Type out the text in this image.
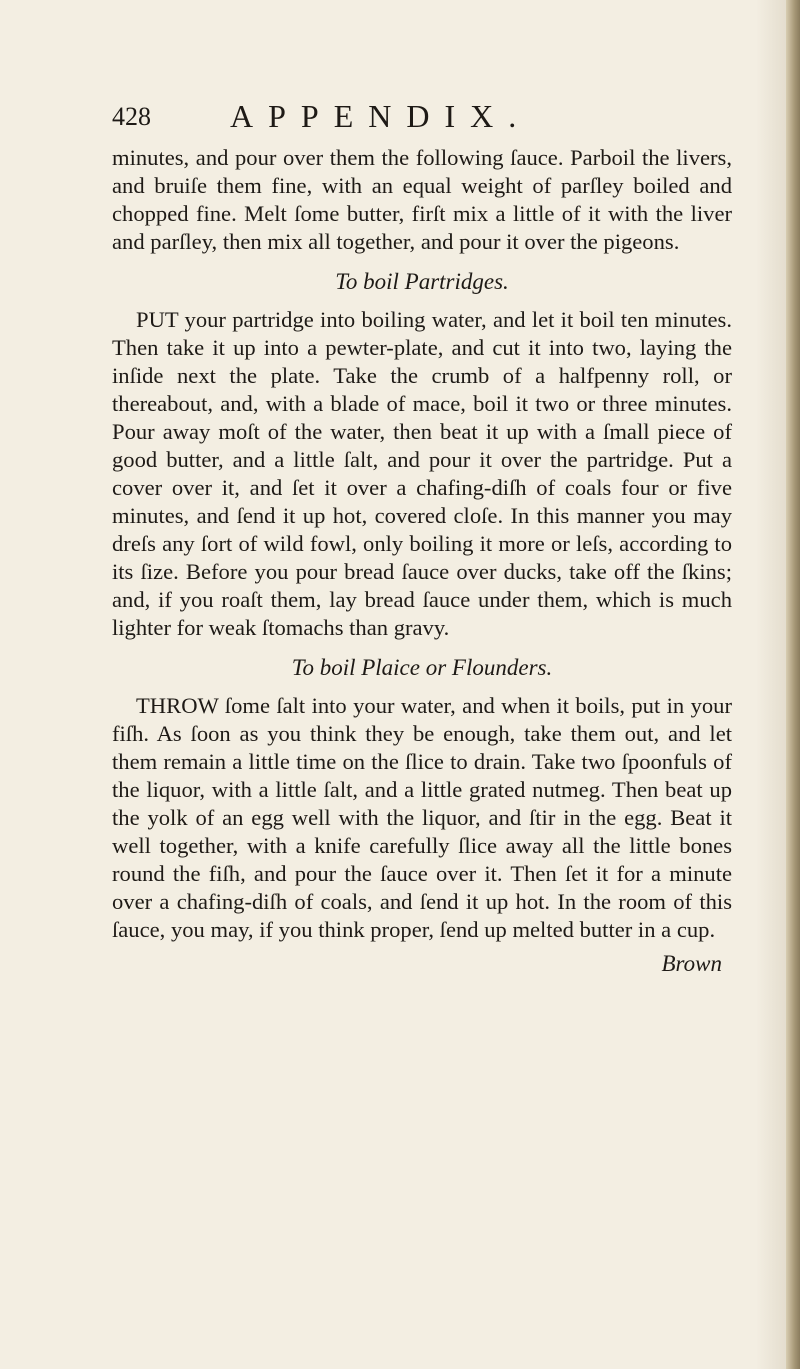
428 APPENDIX.

minutes, and pour over them the following ſauce. Parboil the livers, and bruiſe them fine, with an equal weight of parſley boiled and chopped fine. Melt ſome butter, firſt mix a little of it with the liver and parſley, then mix all together, and pour it over the pigeons.

To boil Partridges.

PUT your partridge into boiling water, and let it boil ten minutes. Then take it up into a pewter-plate, and cut it into two, laying the inſide next the plate. Take the crumb of a halfpenny roll, or thereabout, and, with a blade of mace, boil it two or three minutes. Pour away moſt of the water, then beat it up with a ſmall piece of good butter, and a little ſalt, and pour it over the partridge. Put a cover over it, and ſet it over a chafing-diſh of coals four or five minutes, and ſend it up hot, covered cloſe. In this manner you may dreſs any ſort of wild fowl, only boiling it more or leſs, according to its ſize. Before you pour bread ſauce over ducks, take off the ſkins; and, if you roaſt them, lay bread ſauce under them, which is much lighter for weak ſtomachs than gravy.

To boil Plaice or Flounders.

THROW ſome ſalt into your water, and when it boils, put in your fiſh. As ſoon as you think they be enough, take them out, and let them remain a little time on the ſlice to drain. Take two ſpoonfuls of the liquor, with a little ſalt, and a little grated nutmeg. Then beat up the yolk of an egg well with the liquor, and ſtir in the egg. Beat it well together, with a knife carefully ſlice away all the little bones round the fiſh, and pour the ſauce over it. Then ſet it for a minute over a chafing-diſh of coals, and ſend it up hot. In the room of this ſauce, you may, if you think proper, ſend up melted butter in a cup.

Brown
